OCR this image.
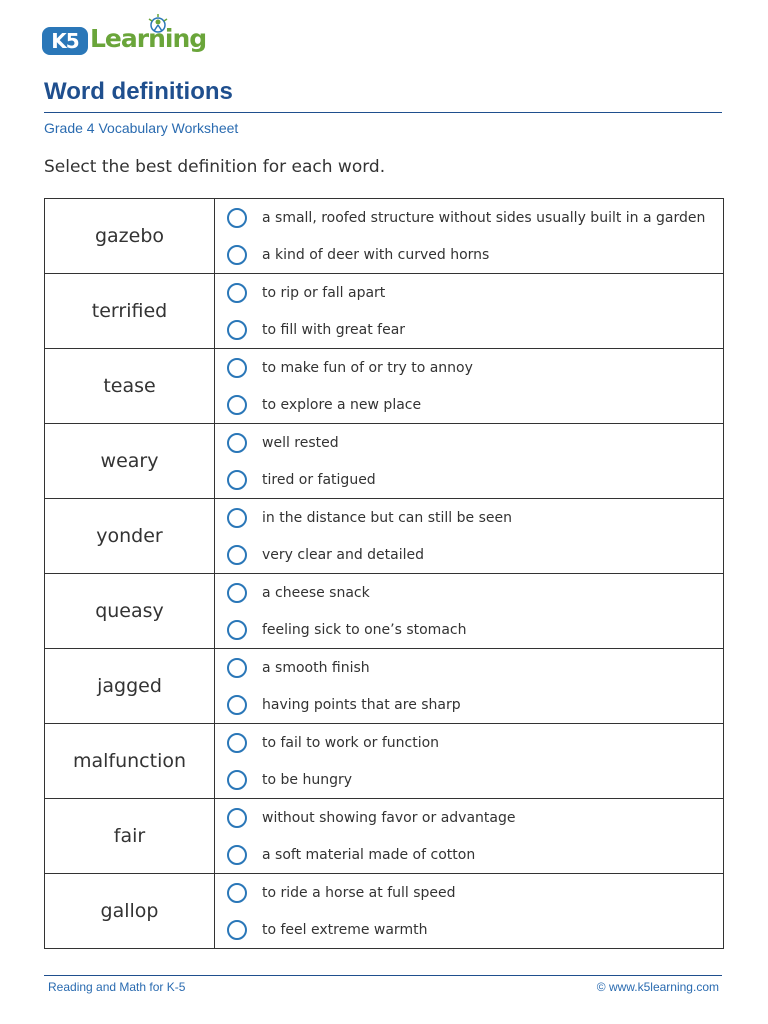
K5 Learning
Word definitions
Grade 4 Vocabulary Worksheet
Select the best definition for each word.
gazebo	a small, roofed structure without sides usually built in a garden
a kind of deer with curved horns

terrified	to rip or fall apart
to fill with great fear

tease	to make fun of or try to annoy
to explore a new place

weary	well rested
tired or fatigued

yonder	in the distance but can still be seen
very clear and detailed

queasy	a cheese snack
feeling sick to one’s stomach

jagged	a smooth finish
having points that are sharp

malfunction	to fail to work or function
to be hungry

fair	without showing favor or advantage
a soft material made of cotton

gallop	to ride a horse at full speed
to feel extreme warmth
Reading and Math for K-5	© www.k5learning.com
